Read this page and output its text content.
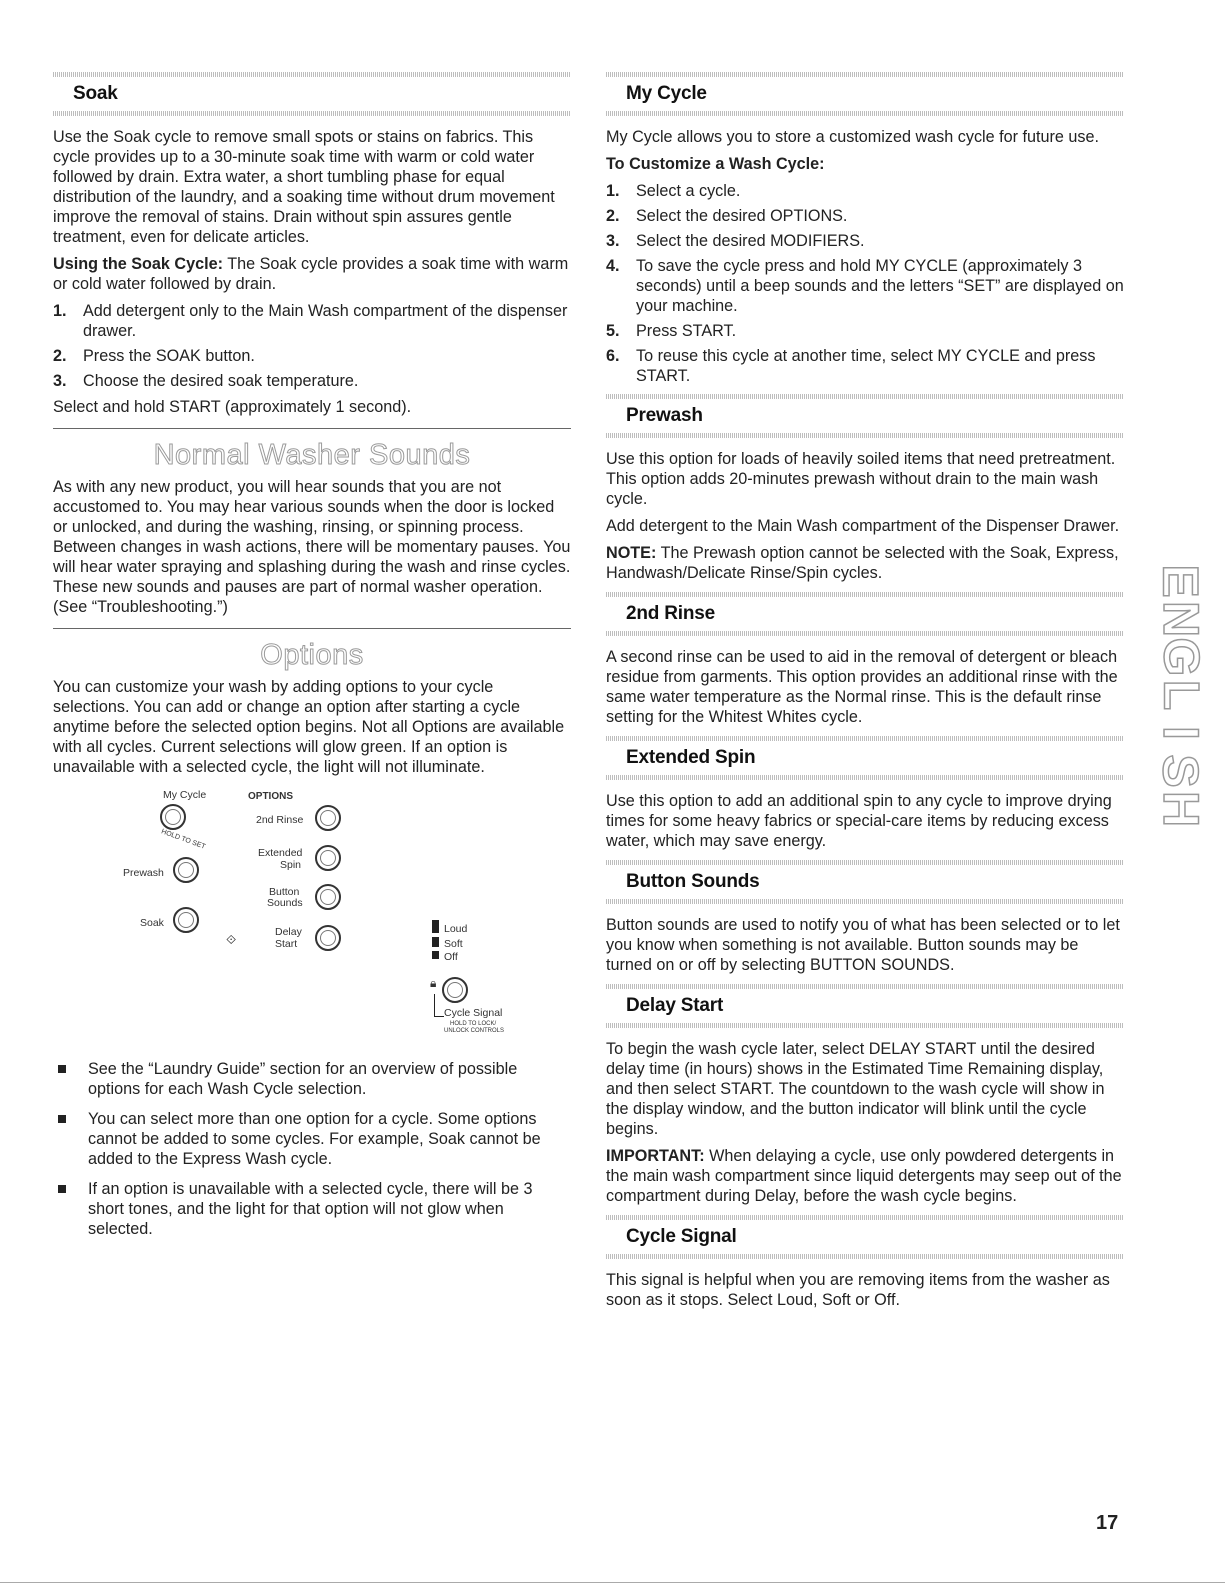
Soak

Use the Soak cycle to remove small spots or stains on fabrics. This cycle provides up to a 30-minute soak time with warm or cold water followed by drain. Extra water, a short tumbling phase for equal distribution of the laundry, and a soaking time without drum movement improve the removal of stains. Drain without spin assures gentle treatment, even for delicate articles.

Using the Soak Cycle: The Soak cycle provides a soak time with warm or cold water followed by drain.

1.	Add detergent only to the Main Wash compartment of the dispenser drawer.
2.	Press the SOAK button.
3.	Choose the desired soak temperature.

Select and hold START (approximately 1 second).

Normal Washer Sounds

As with any new product, you will hear sounds that you are not accustomed to. You may hear various sounds when the door is locked or unlocked, and during the washing, rinsing, or spinning process. Between changes in wash actions, there will be momentary pauses. You will hear water spraying and splashing during the wash and rinse cycles. These new sounds and pauses are part of normal washer operation. (See “Troubleshooting.”)

Options

You can customize your wash by adding options to your cycle selections. You can add or change an option after starting a cycle anytime before the selected option begins. Not all Options are available with all cycles. Current selections will glow green. If an option is unavailable with a selected cycle, the light will not illuminate.

My Cycle
HOLD TO SET
Prewash
Soak
OPTIONS
2nd Rinse
Extended
Spin
Button
Sounds
⟐	Delay
Start
Loud
Soft
Off
🔒︎
Cycle Signal
HOLD TO LOCK/
UNLOCK CONTROLS
See the “Laundry Guide” section for an overview of possible options for each Wash Cycle selection.
You can select more than one option for a cycle. Some options cannot be added to some cycles. For example, Soak cannot be added to the Express Wash cycle.
If an option is unavailable with a selected cycle, there will be 3 short tones, and the light for that option will not glow when selected.
My Cycle

My Cycle allows you to store a customized wash cycle for future use.

To Customize a Wash Cycle:

1.	Select a cycle.
2.	Select the desired OPTIONS.
3.	Select the desired MODIFIERS.
4.	To save the cycle press and hold MY CYCLE (approximately 3 seconds) until a beep sounds and the letters “SET” are displayed on your machine.
5.	Press START.
6.	To reuse this cycle at another time, select MY CYCLE and press START.
Prewash

Use this option for loads of heavily soiled items that need pretreatment. This option adds 20-minutes prewash without drain to the main wash cycle.

Add detergent to the Main Wash compartment of the Dispenser Drawer.

NOTE: The Prewash option cannot be selected with the Soak, Express, Handwash/Delicate Rinse/Spin cycles.

2nd Rinse

A second rinse can be used to aid in the removal of detergent or bleach residue from garments. This option provides an additional rinse with the same water temperature as the Normal rinse. This is the default rinse setting for the Whitest Whites cycle.

Extended Spin

Use this option to add an additional spin to any cycle to improve drying times for some heavy fabrics or special-care items by reducing excess water, which may save energy.

Button Sounds

Button sounds are used to notify you of what has been selected or to let you know when something is not available. Button sounds may be turned on or off by selecting BUTTON SOUNDS.

Delay Start

To begin the wash cycle later, select DELAY START until the desired delay time (in hours) shows in the Estimated Time Remaining display, and then select START. The countdown to the wash cycle will show in the display window, and the button indicator will blink until the cycle begins.

IMPORTANT: When delaying a cycle, use only powdered detergents in the main wash compartment since liquid detergents may seep out of the compartment during Delay, before the wash cycle begins.

Cycle Signal

This signal is helpful when you are removing items from the washer as soon as it stops. Select Loud, Soft or Off.

E
N
G
L
I
S
H
17
